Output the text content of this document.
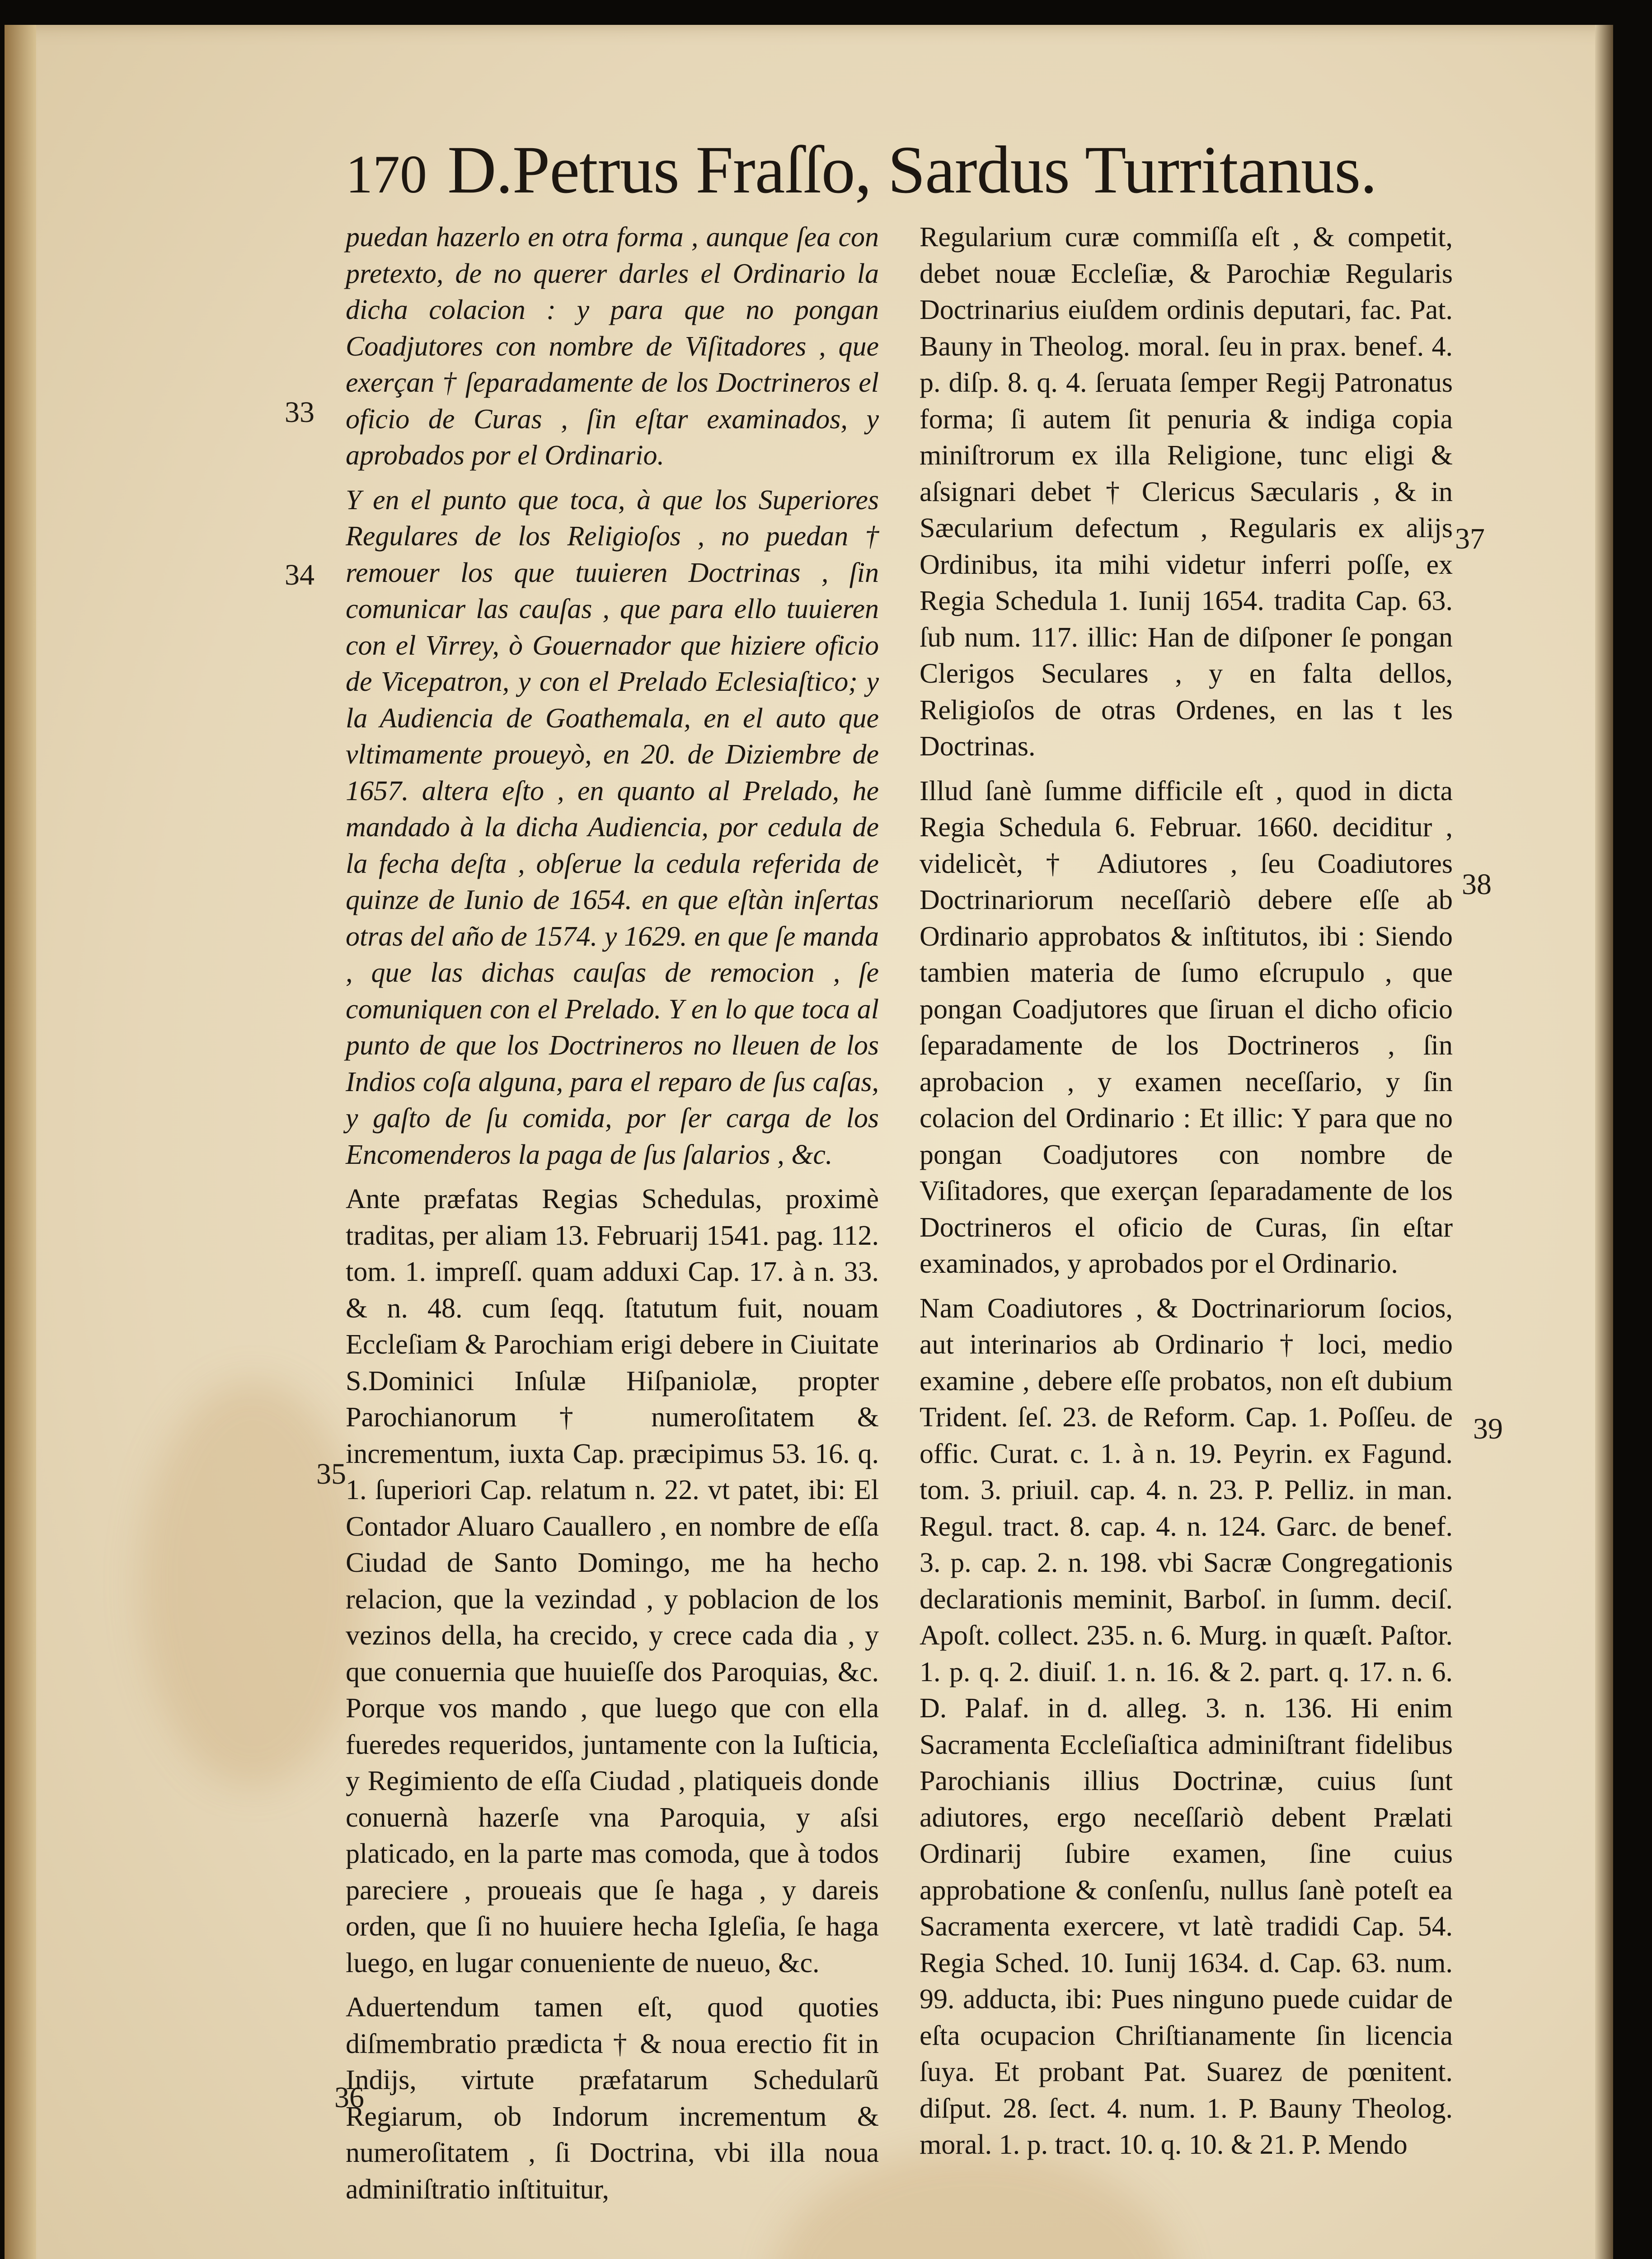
170 D.Petrus Fraſſo, Sardus Turritanus.

puedan hazerlo en otra forma , aunque ſea con pretexto, de no querer darles el Ordinario la dicha colacion : y para que no pongan Coadjutores con nombre de Viſitadores , que exerçan † ſeparadamente de los Doctrineros el oficio de Curas , ſin eſtar examinados, y aprobados por el Ordinario.

Y en el punto que toca, à que los Superiores Regulares de los Religioſos , no puedan † remouer los que tuuieren Doctrinas , ſin comunicar las cauſas , que para ello tuuieren con el Virrey, ò Gouernador que hiziere oficio de Vicepatron, y con el Prelado Eclesiaſtico; y la Audiencia de Goathemala, en el auto que vltimamente proueyò, en 20. de Diziembre de 1657. altera eſto , en quanto al Prelado, he mandado à la dicha Audiencia, por cedula de la fecha deſta , obſerue la cedula referida de quinze de Iunio de 1654. en que eſtàn inſertas otras del año de 1574. y 1629. en que ſe manda , que las dichas cauſas de remocion , ſe comuniquen con el Prelado. Y en lo que toca al punto de que los Doctrineros no lleuen de los Indios coſa alguna, para el reparo de ſus caſas, y gaſto de ſu comida, por ſer carga de los Encomenderos la paga de ſus ſalarios , &c.

Ante præfatas Regias Schedulas, proximè traditas, per aliam 13. Februarij 1541. pag. 112. tom. 1. impreſſ. quam adduxi Cap. 17. à n. 33. & n. 48. cum ſeqq. ſtatutum fuit, nouam Eccleſiam & Parochiam erigi debere in Ciuitate S.Dominici Inſulæ Hiſpaniolæ, propter Parochianorum † numeroſitatem & incrementum, iuxta Cap. præcipimus 53. 16. q. 1. ſuperiori Cap. relatum n. 22. vt patet, ibi: El Contador Aluaro Cauallero , en nombre de eſſa Ciudad de Santo Domingo, me ha hecho relacion, que la vezindad , y poblacion de los vezinos della, ha crecido, y crece cada dia , y que conuernia que huuieſſe dos Paroquias, &c. Porque vos mando , que luego que con ella fueredes requeridos, juntamente con la Iuſticia, y Regimiento de eſſa Ciudad , platiqueis donde conuernà hazerſe vna Paroquia, y aſsi platicado, en la parte mas comoda, que à todos pareciere , proueais que ſe haga , y dareis orden, que ſi no huuiere hecha Igleſia, ſe haga luego, en lugar conueniente de nueuo, &c.

Aduertendum tamen eſt, quod quoties diſmembratio prædicta † & noua erectio fit in Indijs, virtute præfatarum Schedularũ Regiarum, ob Indorum incrementum & numeroſitatem , ſi Doctrina, vbi illa noua adminiſtratio inſtituitur,

Regularium curæ commiſſa eſt , & competit, debet nouæ Eccleſiæ, & Parochiæ Regularis Doctrinarius eiuſdem ordinis deputari, fac. Pat. Bauny in Theolog. moral. ſeu in prax. benef. 4. p. diſp. 8. q. 4. ſeruata ſemper Regij Patronatus forma; ſi autem ſit penuria & indiga copia miniſtrorum ex illa Religione, tunc eligi & aſsignari debet † Clericus Sæcularis , & in Sæcularium defectum , Regularis ex alijs Ordinibus, ita mihi videtur inferri poſſe, ex Regia Schedula 1. Iunij 1654. tradita Cap. 63. ſub num. 117. illic: Han de diſponer ſe pongan Clerigos Seculares , y en falta dellos, Religioſos de otras Ordenes, en las t les Doctrinas.

Illud ſanè ſumme difficile eſt , quod in dicta Regia Schedula 6. Februar. 1660. deciditur , videlicèt, † Adiutores , ſeu Coadiutores Doctrinariorum neceſſariò debere eſſe ab Ordinario approbatos & inſtitutos, ibi : Siendo tambien materia de ſumo eſcrupulo , que pongan Coadjutores que ſiruan el dicho oficio ſeparadamente de los Doctrineros , ſin aprobacion , y examen neceſſario, y ſin colacion del Ordinario : Et illic: Y para que no pongan Coadjutores con nombre de Viſitadores, que exerçan ſeparadamente de los Doctrineros el oficio de Curas, ſin eſtar examinados, y aprobados por el Ordinario.

Nam Coadiutores , & Doctrinariorum ſocios, aut interinarios ab Ordinario † loci, medio examine , debere eſſe probatos, non eſt dubium Trident. ſeſ. 23. de Reform. Cap. 1. Poſſeu. de offic. Curat. c. 1. à n. 19. Peyrin. ex Fagund. tom. 3. priuil. cap. 4. n. 23. P. Pelliz. in man. Regul. tract. 8. cap. 4. n. 124. Garc. de benef. 3. p. cap. 2. n. 198. vbi Sacræ Congregationis declarationis meminit, Barboſ. in ſumm. deciſ. Apoſt. collect. 235. n. 6. Murg. in quæſt. Paſtor. 1. p. q. 2. diuiſ. 1. n. 16. & 2. part. q. 17. n. 6. D. Palaf. in d. alleg. 3. n. 136. Hi enim Sacramenta Eccleſiaſtica adminiſtrant fidelibus Parochianis illius Doctrinæ, cuius ſunt adiutores, ergo neceſſariò debent Prælati Ordinarij ſubire examen, ſine cuius approbatione & conſenſu, nullus ſanè poteſt ea Sacramenta exercere, vt latè tradidi Cap. 54. Regia Sched. 10. Iunij 1634. d. Cap. 63. num. 99. adducta, ibi: Pues ninguno puede cuidar de eſta ocupacion Chriſtianamente ſin licencia ſuya. Et probant Pat. Suarez de pœnitent. diſput. 28. ſect. 4. num. 1. P. Bauny Theolog. moral. 1. p. tract. 10. q. 10. & 21. P. Mendo

33
34
35
36
37
38
39
